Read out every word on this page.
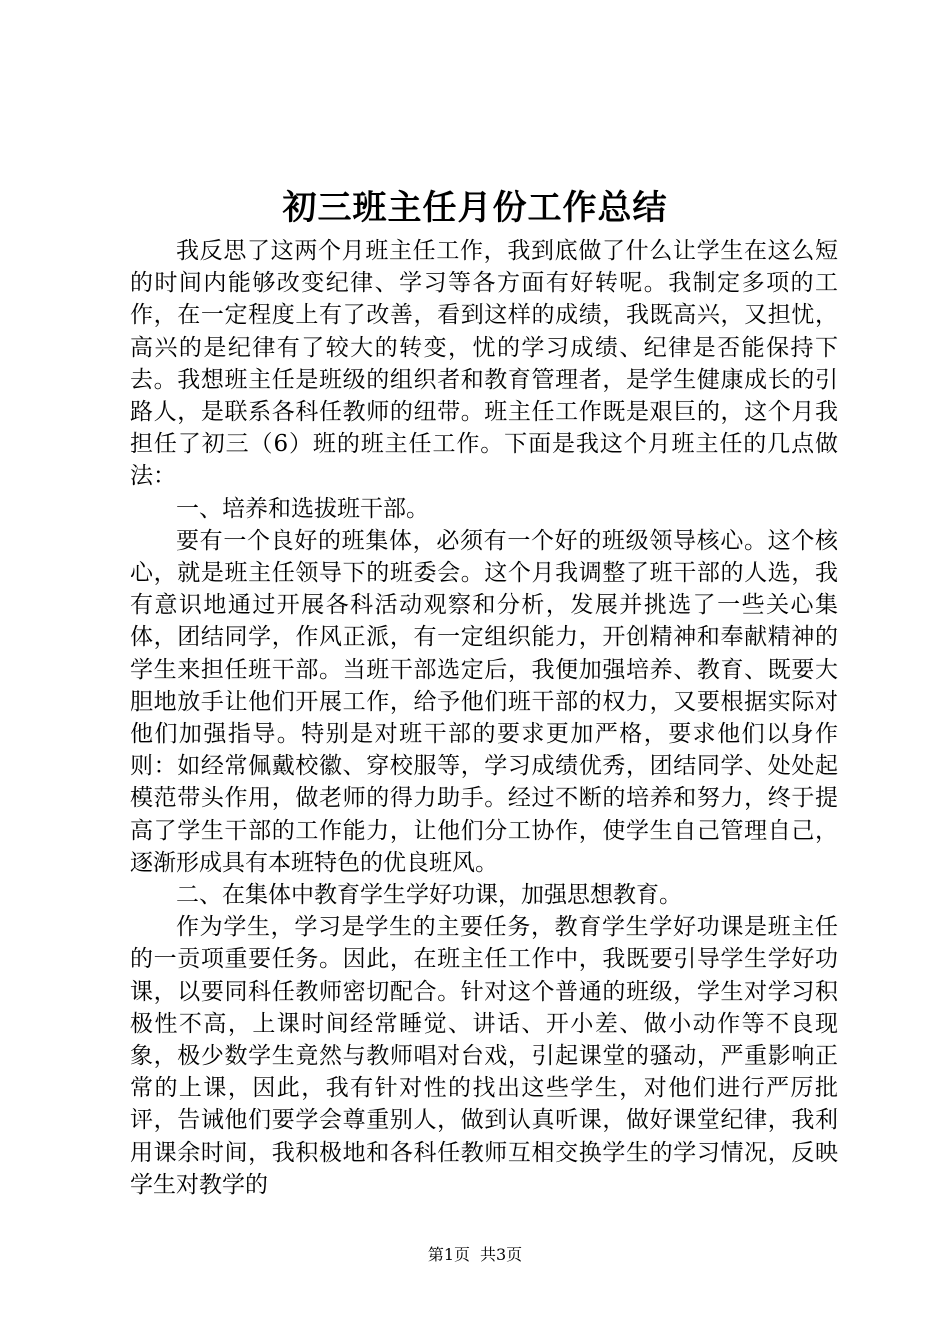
初三班主任月份工作总结

我反思了这两个月班主任工作，我到底做了什么让学生在这么短的时间内能够改变纪律、学习等各方面有好转呢。我制定多项的工作，在一定程度上有了改善，看到这样的成绩，我既高兴，又担忧，高兴的是纪律有了较大的转变，忧的学习成绩、纪律是否能保持下去。我想班主任是班级的组织者和教育管理者，是学生健康成长的引路人，是联系各科任教师的纽带。班主任工作既是艰巨的，这个月我担任了初三（6）班的班主任工作。下面是我这个月班主任的几点做法：

一、培养和选拔班干部。

要有一个良好的班集体，必须有一个好的班级领导核心。这个核心，就是班主任领导下的班委会。这个月我调整了班干部的人选，我有意识地通过开展各科活动观察和分析，发展并挑选了一些关心集体，团结同学，作风正派，有一定组织能力，开创精神和奉献精神的学生来担任班干部。当班干部选定后，我便加强培养、教育、既要大胆地放手让他们开展工作，给予他们班干部的权力，又要根据实际对他们加强指导。特别是对班干部的要求更加严格，要求他们以身作则：如经常佩戴校徽、穿校服等，学习成绩优秀，团结同学、处处起模范带头作用，做老师的得力助手。经过不断的培养和努力，终于提高了学生干部的工作能力，让他们分工协作，使学生自己管理自己，逐渐形成具有本班特色的优良班风。

二、在集体中教育学生学好功课，加强思想教育。

作为学生，学习是学生的主要任务，教育学生学好功课是班主任的一贡项重要任务。因此，在班主任工作中，我既要引导学生学好功课，以要同科任教师密切配合。针对这个普通的班级，学生对学习积极性不高，上课时间经常睡觉、讲话、开小差、做小动作等不良现象，极少数学生竟然与教师唱对台戏，引起课堂的骚动，严重影响正常的上课，因此，我有针对性的找出这些学生，对他们进行严厉批评，告诫他们要学会尊重别人，做到认真听课，做好课堂纪律，我利用课余时间，我积极地和各科任教师互相交换学生的学习情况，反映学生对教学的

第1页 共3页
